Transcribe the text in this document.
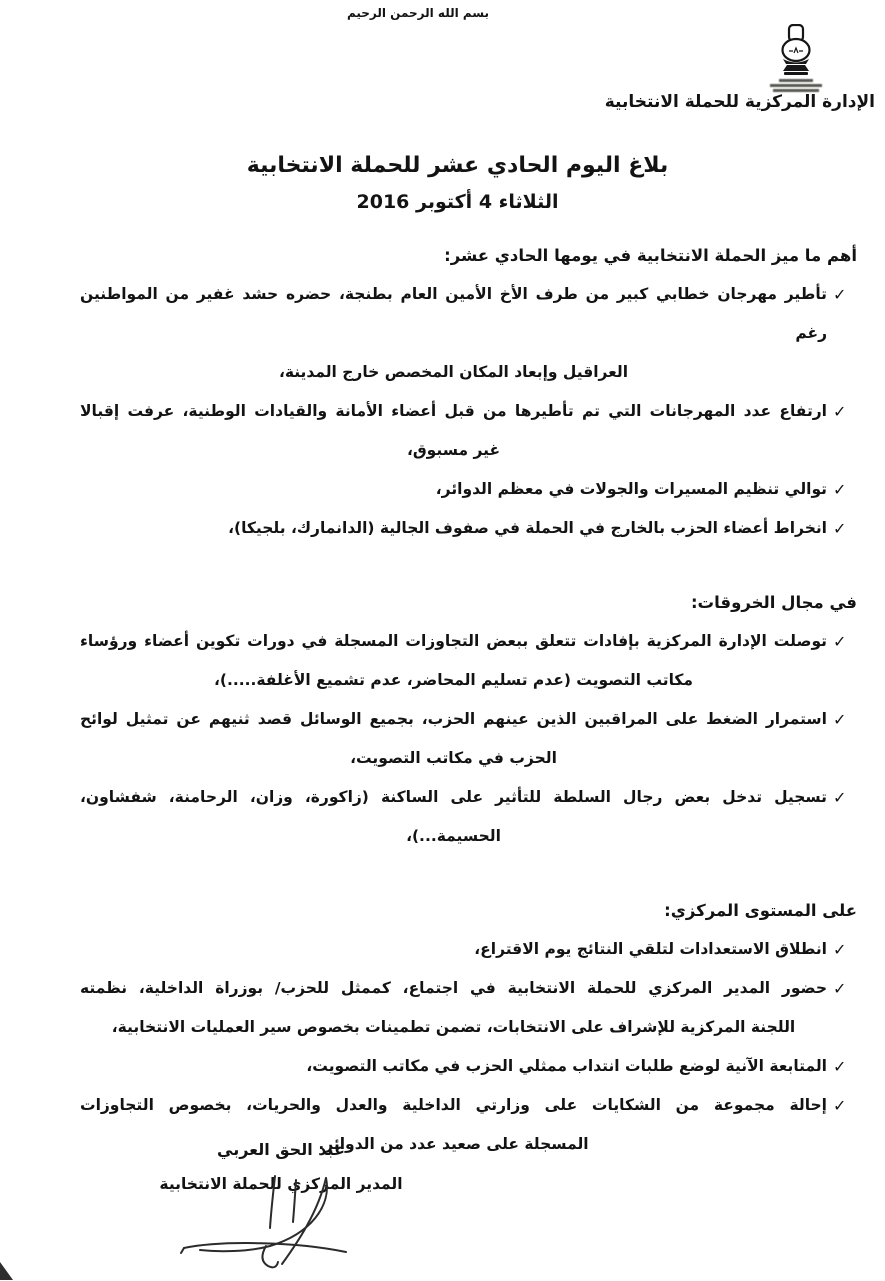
بسم الله الرحمن الرحيم
الإدارة المركزية للحملة الانتخابية
بلاغ اليوم الحادي عشر للحملة الانتخابية
الثلاثاء 4 أكتوبر 2016
أهم ما ميز الحملة الانتخابية في يومها الحادي عشر:
✓
تأطير مهرجان خطابي كبير من طرف الأخ الأمين العام بطنجة، حضره حشد غفير من المواطنين رغم
العراقيل وإبعاد المكان المخصص خارج المدينة،
✓
ارتفاع عدد المهرجانات التي تم تأطيرها من قبل أعضاء الأمانة والقيادات الوطنية، عرفت إقبالا
غير مسبوق،
✓
توالي تنظيم المسيرات والجولات في معظم الدوائر،
✓
انخراط أعضاء الحزب بالخارج في الحملة في صفوف الجالية (الدانمارك، بلجيكا)،
في مجال الخروقات:
✓
توصلت الإدارة المركزية بإفادات تتعلق ببعض التجاوزات المسجلة في دورات تكوين أعضاء ورؤساء
مكاتب التصويت (عدم تسليم المحاضر، عدم تشميع الأغلفة.....)،
✓
استمرار الضغط على المراقبين الذين عينهم الحزب، بجميع الوسائل قصد ثنيهم عن تمثيل لوائح
الحزب في مكاتب التصويت،
✓
تسجيل تدخل بعض رجال السلطة للتأثير على الساكنة (زاكورة، وزان، الرحامنة، شفشاون،
الحسيمة...)،
على المستوى المركزي:
✓
انطلاق الاستعدادات لتلقي النتائج يوم الاقتراع،
✓
حضور المدير المركزي للحملة الانتخابية في اجتماع، كممثل للحزب/ بوزراة الداخلية، نظمته
اللجنة المركزية للإشراف على الانتخابات، تضمن تطمينات بخصوص سير العمليات الانتخابية،
✓
المتابعة الآنية لوضع طلبات انتداب ممثلي الحزب في مكاتب التصويت،
✓
إحالة مجموعة من الشكايات على وزارتي الداخلية والعدل والحريات، بخصوص التجاوزات
المسجلة على صعيد عدد من الدوائر.
عبد الحق العربي
المدير المركزي للحملة الانتخابية
